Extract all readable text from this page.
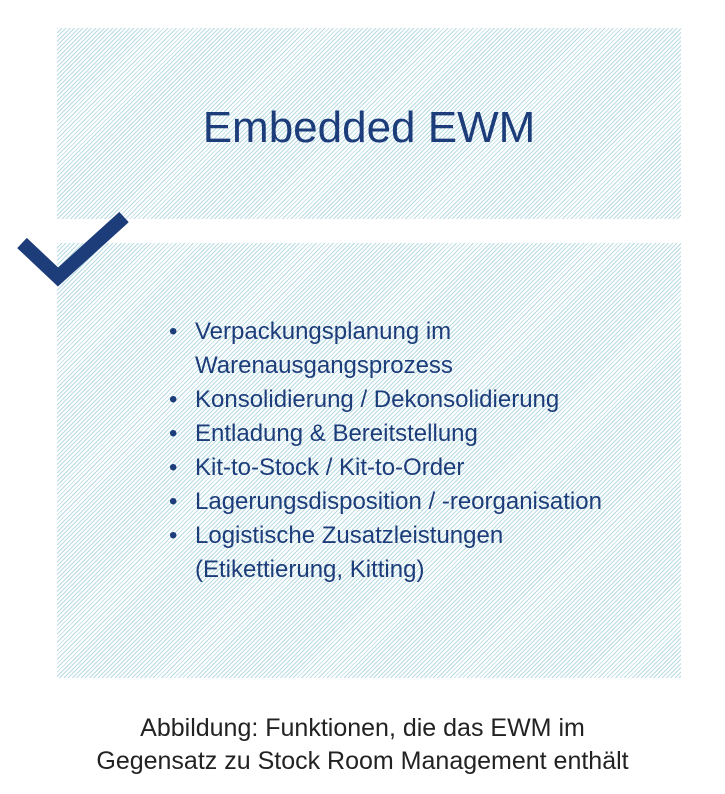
Embedded EWM
• Verpackungsplanung im
Warenausgangsprozess
• Konsolidierung / Dekonsolidierung
• Entladung & Bereitstellung
• Kit-to-Stock / Kit-to-Order
• Lagerungsdisposition / -reorganisation
• Logistische Zusatzleistungen
(Etikettierung, Kitting)
Abbildung: Funktionen, die das EWM im
Gegensatz zu Stock Room Management enthält
